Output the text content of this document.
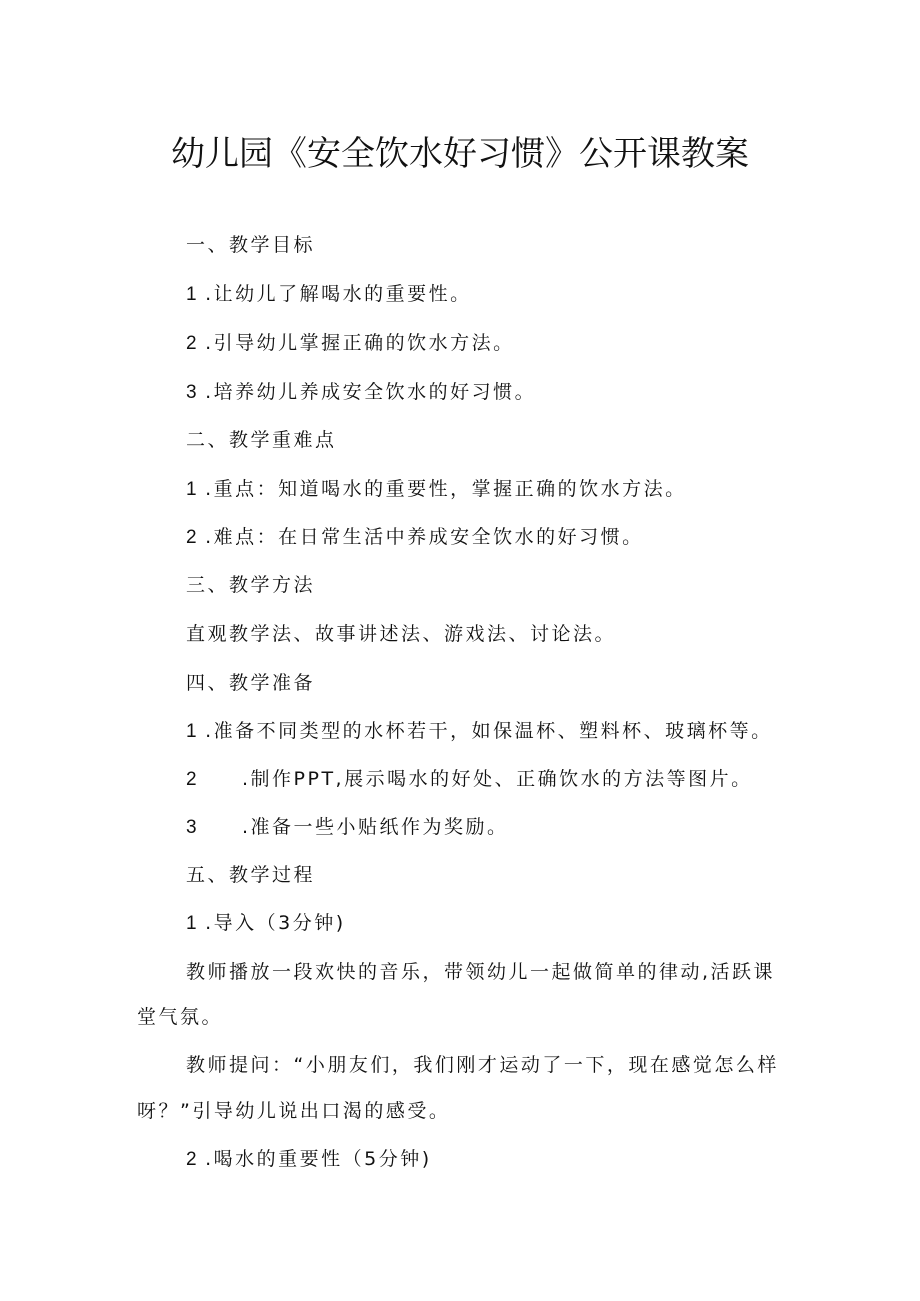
幼儿园《安全饮水好习惯》公开课教案

一、教学目标

1 .让幼儿了解喝水的重要性。

2 .引导幼儿掌握正确的饮水方法。

3 .培养幼儿养成安全饮水的好习惯。

二、教学重难点

1 .重点：知道喝水的重要性，掌握正确的饮水方法。

2 .难点：在日常生活中养成安全饮水的好习惯。

三、教学方法

直观教学法、故事讲述法、游戏法、讨论法。

四、教学准备

1 .准备不同类型的水杯若干，如保温杯、塑料杯、玻璃杯等。

2 .制作PPT,展示喝水的好处、正确饮水的方法等图片。

3 .准备一些小贴纸作为奖励。

五、教学过程

1 .导入（3分钟)

教师播放一段欢快的音乐，带领幼儿一起做简单的律动,活跃课

堂气氛。

教师提问：“小朋友们，我们刚才运动了一下，现在感觉怎么样

呀？”引导幼儿说出口渴的感受。

2 .喝水的重要性（5分钟)
